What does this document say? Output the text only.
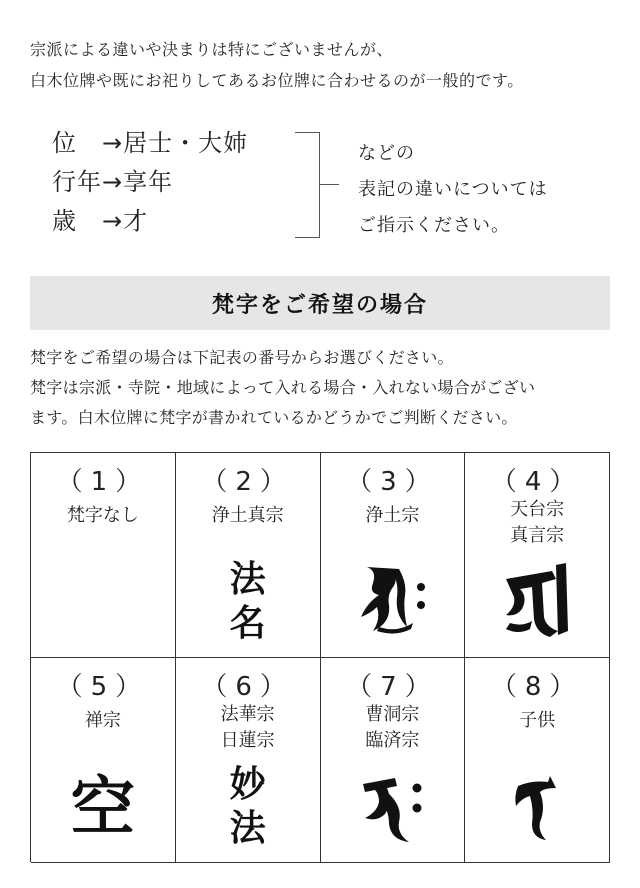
宗派による違いや決まりは特にございませんが、

白木位牌や既にお祀りしてあるお位牌に合わせるのが一般的です。

位　→居士・大姉
行年→享年
歳　→才

などの

表記の違いについては

ご指示ください。

梵字をご希望の場合

梵字をご希望の場合は下記表の番号からお選びください。

梵字は宗派・寺院・地域によって入れる場合・入れない場合がござい

ます。白木位牌に梵字が書かれているかどうかでご判断ください。

（1）
梵字なし
（2）
浄土真宗
法
名
（3）
浄土宗
（4）
天台宗
真言宗
（5）
禅宗
空
（6）
法華宗
日蓮宗
妙
法
（7）
曹洞宗
臨済宗
（8）
子供
